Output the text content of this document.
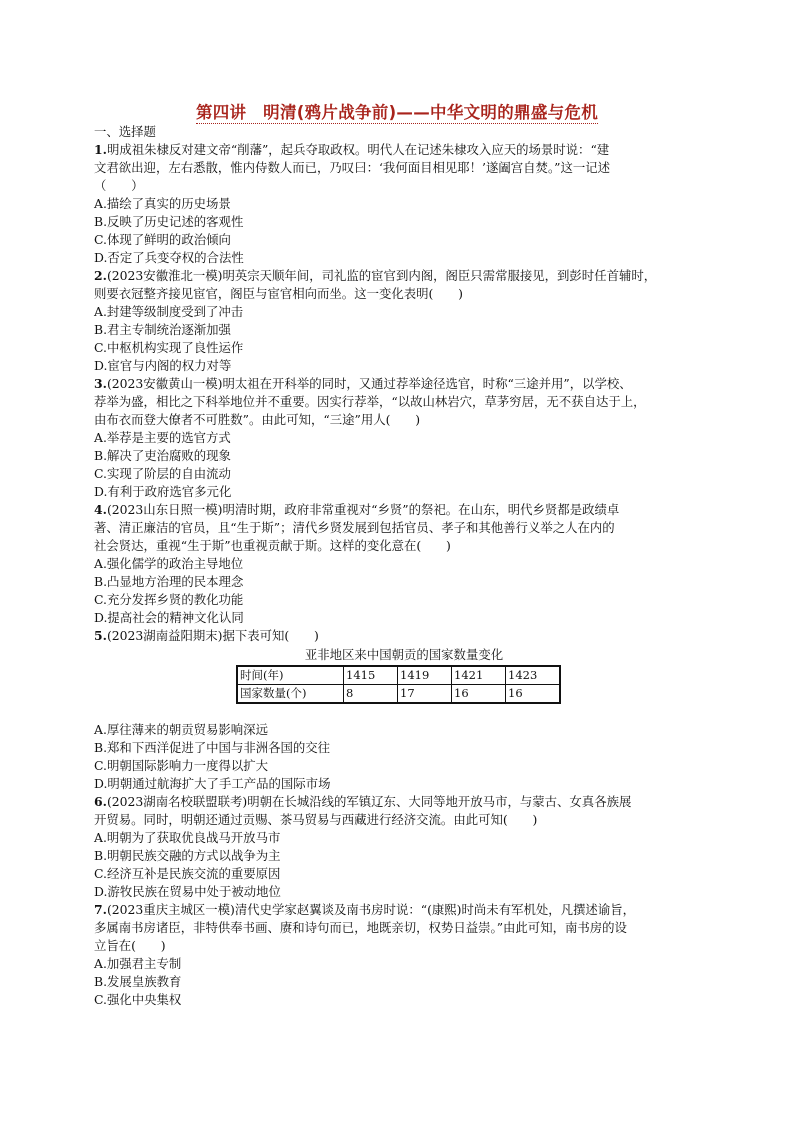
第四讲　明清(鸦片战争前)——中华文明的鼎盛与危机
一、选择题
1.明成祖朱棣反对建文帝“削藩”，起兵夺取政权。明代人在记述朱棣攻入应天的场景时说：“建
文君欲出迎，左右悉散，惟内侍数人而已，乃叹曰：‘我何面目相见耶！’遂阖宫自焚。”这一记述
（　　）
A.描绘了真实的历史场景
B.反映了历史记述的客观性
C.体现了鲜明的政治倾向
D.否定了兵变夺权的合法性
2.(2023安徽淮北一模)明英宗天顺年间，司礼监的宦官到内阁，阁臣只需常服接见，到彭时任首辅时，
则要衣冠整齐接见宦官，阁臣与宦官相向而坐。这一变化表明(　　)
A.封建等级制度受到了冲击
B.君主专制统治逐渐加强
C.中枢机构实现了良性运作
D.宦官与内阁的权力对等
3.(2023安徽黄山一模)明太祖在开科举的同时，又通过荐举途径选官，时称“三途并用”，以学校、
荐举为盛，相比之下科举地位并不重要。因实行荐举，“以故山林岩穴，草茅穷居，无不获自达于上，
由布衣而登大僚者不可胜数”。由此可知，“三途”用人(　　)
A.举荐是主要的选官方式
B.解决了吏治腐败的现象
C.实现了阶层的自由流动
D.有利于政府选官多元化
4.(2023山东日照一模)明清时期，政府非常重视对“乡贤”的祭祀。在山东，明代乡贤都是政绩卓
著、清正廉洁的官员，且“生于斯”；清代乡贤发展到包括官员、孝子和其他善行义举之人在内的
社会贤达，重视“生于斯”也重视贡献于斯。这样的变化意在(　　)
A.强化儒学的政治主导地位
B.凸显地方治理的民本理念
C.充分发挥乡贤的教化功能
D.提高社会的精神文化认同
5.(2023湖南益阳期末)据下表可知(　　)
亚非地区来中国朝贡的国家数量变化
时间(年)	1415	1419	1421	1423
国家数量(个)	8	17	16	16
A.厚往薄来的朝贡贸易影响深远
B.郑和下西洋促进了中国与非洲各国的交往
C.明朝国际影响力一度得以扩大
D.明朝通过航海扩大了手工产品的国际市场
6.(2023湖南名校联盟联考)明朝在长城沿线的军镇辽东、大同等地开放马市，与蒙古、女真各族展
开贸易。同时，明朝还通过贡赐、茶马贸易与西藏进行经济交流。由此可知(　　)
A.明朝为了获取优良战马开放马市
B.明朝民族交融的方式以战争为主
C.经济互补是民族交流的重要原因
D.游牧民族在贸易中处于被动地位
7.(2023重庆主城区一模)清代史学家赵翼谈及南书房时说：“(康熙)时尚未有军机处，凡撰述谕旨，
多属南书房诸臣，非特供奉书画、赓和诗句而已，地既亲切，权势日益崇。”由此可知，南书房的设
立旨在(　　)
A.加强君主专制
B.发展皇族教育
C.强化中央集权
